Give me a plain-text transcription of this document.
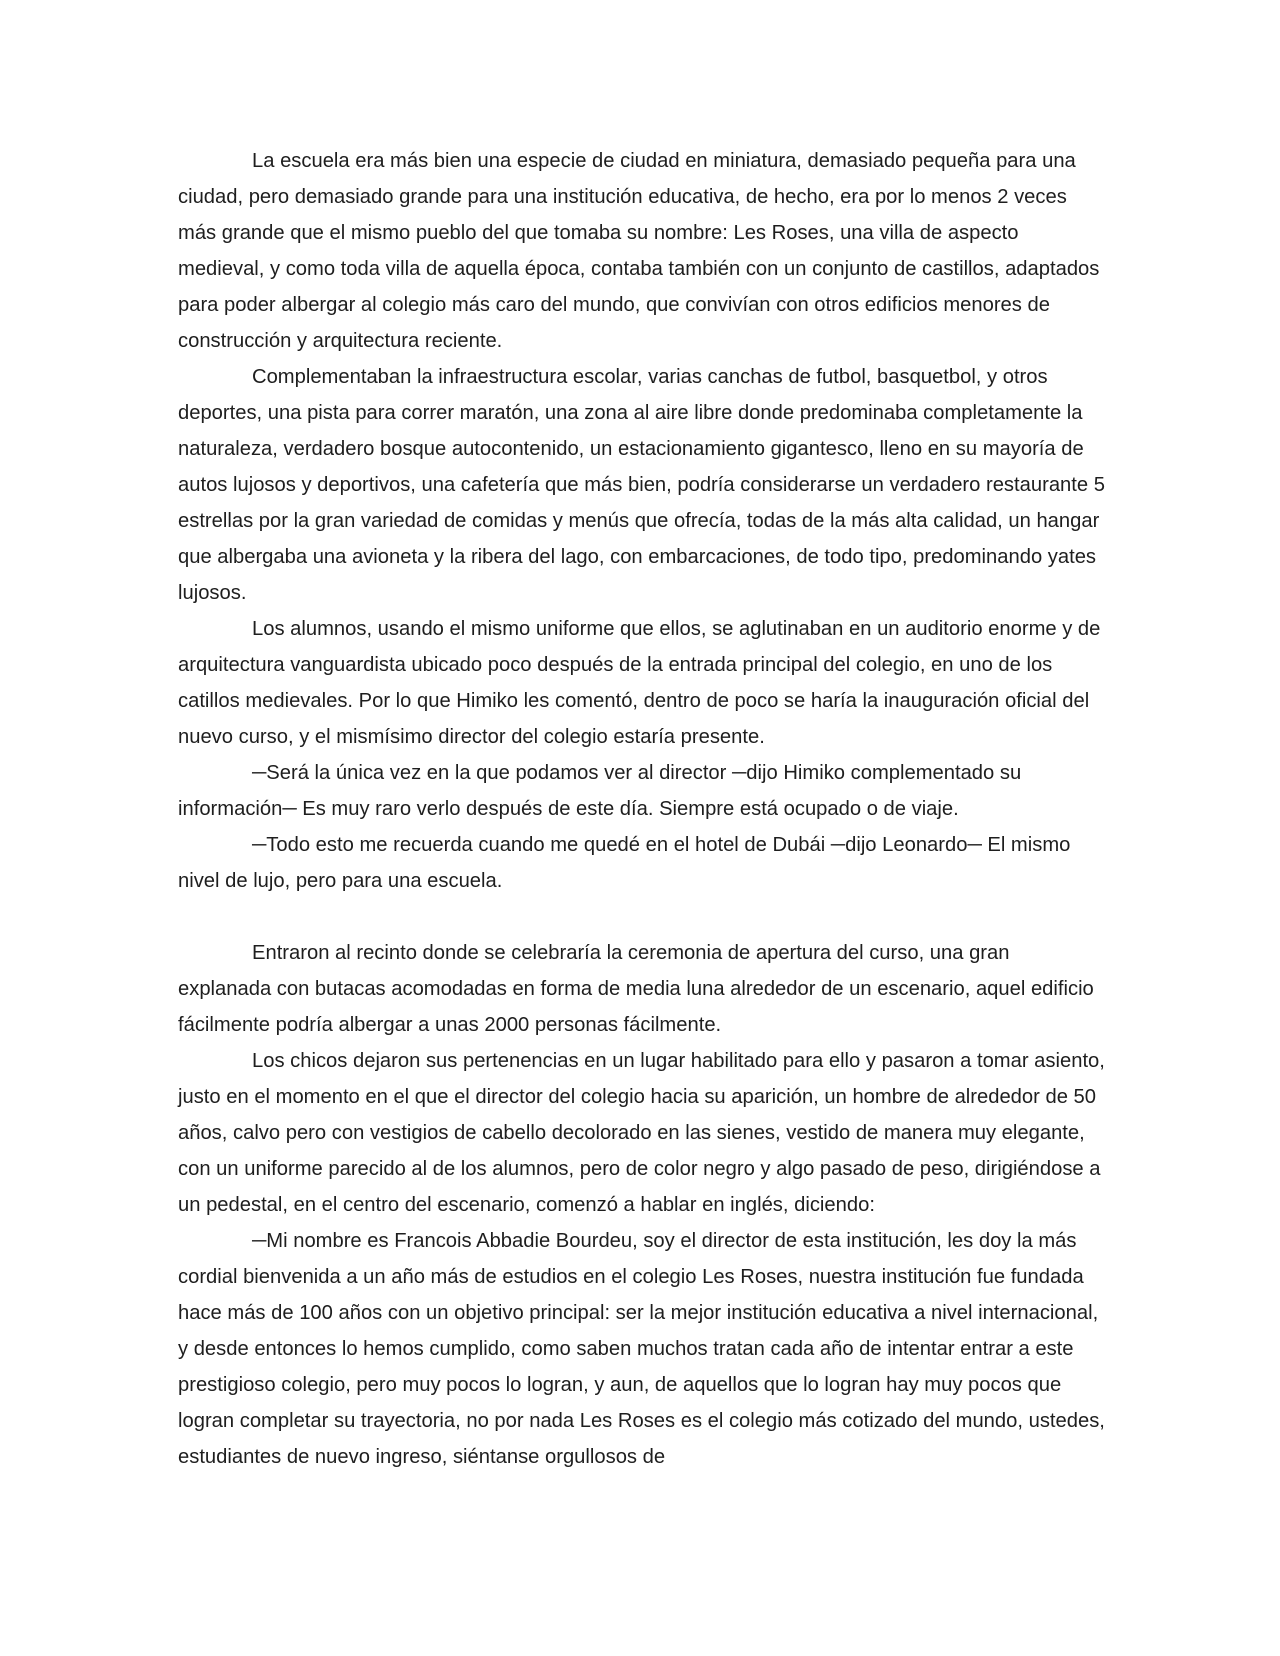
La escuela era más bien una especie de ciudad en miniatura, demasiado pequeña para una ciudad, pero demasiado grande para una institución educativa, de hecho, era por lo menos 2 veces más grande que el mismo pueblo del que tomaba su nombre: Les Roses, una villa de aspecto medieval, y como toda villa de aquella época, contaba también con un conjunto de castillos, adaptados para poder albergar al colegio más caro del mundo, que convivían con otros edificios menores de construcción y arquitectura reciente.

Complementaban la infraestructura escolar, varias canchas de futbol, basquetbol, y otros deportes, una pista para correr maratón, una zona al aire libre donde predominaba completamente la naturaleza, verdadero bosque autocontenido, un estacionamiento gigantesco, lleno en su mayoría de autos lujosos y deportivos, una cafetería que más bien, podría considerarse un verdadero restaurante 5 estrellas por la gran variedad de comidas y menús que ofrecía, todas de la más alta calidad, un hangar que albergaba una avioneta y la ribera del lago, con embarcaciones, de todo tipo, predominando yates lujosos.

Los alumnos, usando el mismo uniforme que ellos, se aglutinaban en un auditorio enorme y de arquitectura vanguardista ubicado poco después de la entrada principal del colegio, en uno de los catillos medievales. Por lo que Himiko les comentó, dentro de poco se haría la inauguración oficial del nuevo curso, y el mismísimo director del colegio estaría presente.

─Será la única vez en la que podamos ver al director ─dijo Himiko complementado su información─ Es muy raro verlo después de este día. Siempre está ocupado o de viaje.

─Todo esto me recuerda cuando me quedé en el hotel de Dubái ─dijo Leonardo─ El mismo nivel de lujo, pero para una escuela.

Entraron al recinto donde se celebraría la ceremonia de apertura del curso, una gran explanada con butacas acomodadas en forma de media luna alrededor de un escenario, aquel edificio fácilmente podría albergar a unas 2000 personas fácilmente.

Los chicos dejaron sus pertenencias en un lugar habilitado para ello y pasaron a tomar asiento, justo en el momento en el que el director del colegio hacia su aparición, un hombre de alrededor de 50 años, calvo pero con vestigios de cabello decolorado en las sienes, vestido de manera muy elegante, con un uniforme parecido al de los alumnos, pero de color negro y algo pasado de peso, dirigiéndose a un pedestal, en el centro del escenario, comenzó a hablar en inglés, diciendo:

─Mi nombre es Francois Abbadie Bourdeu, soy el director de esta institución, les doy la más cordial bienvenida a un año más de estudios en el colegio Les Roses, nuestra institución fue fundada hace más de 100 años con un objetivo principal: ser la mejor institución educativa a nivel internacional, y desde entonces lo hemos cumplido, como saben muchos tratan cada año de intentar entrar a este prestigioso colegio, pero muy pocos lo logran, y aun, de aquellos que lo logran hay muy pocos que logran completar su trayectoria, no por nada Les Roses es el colegio más cotizado del mundo, ustedes, estudiantes de nuevo ingreso, siéntanse orgullosos de
